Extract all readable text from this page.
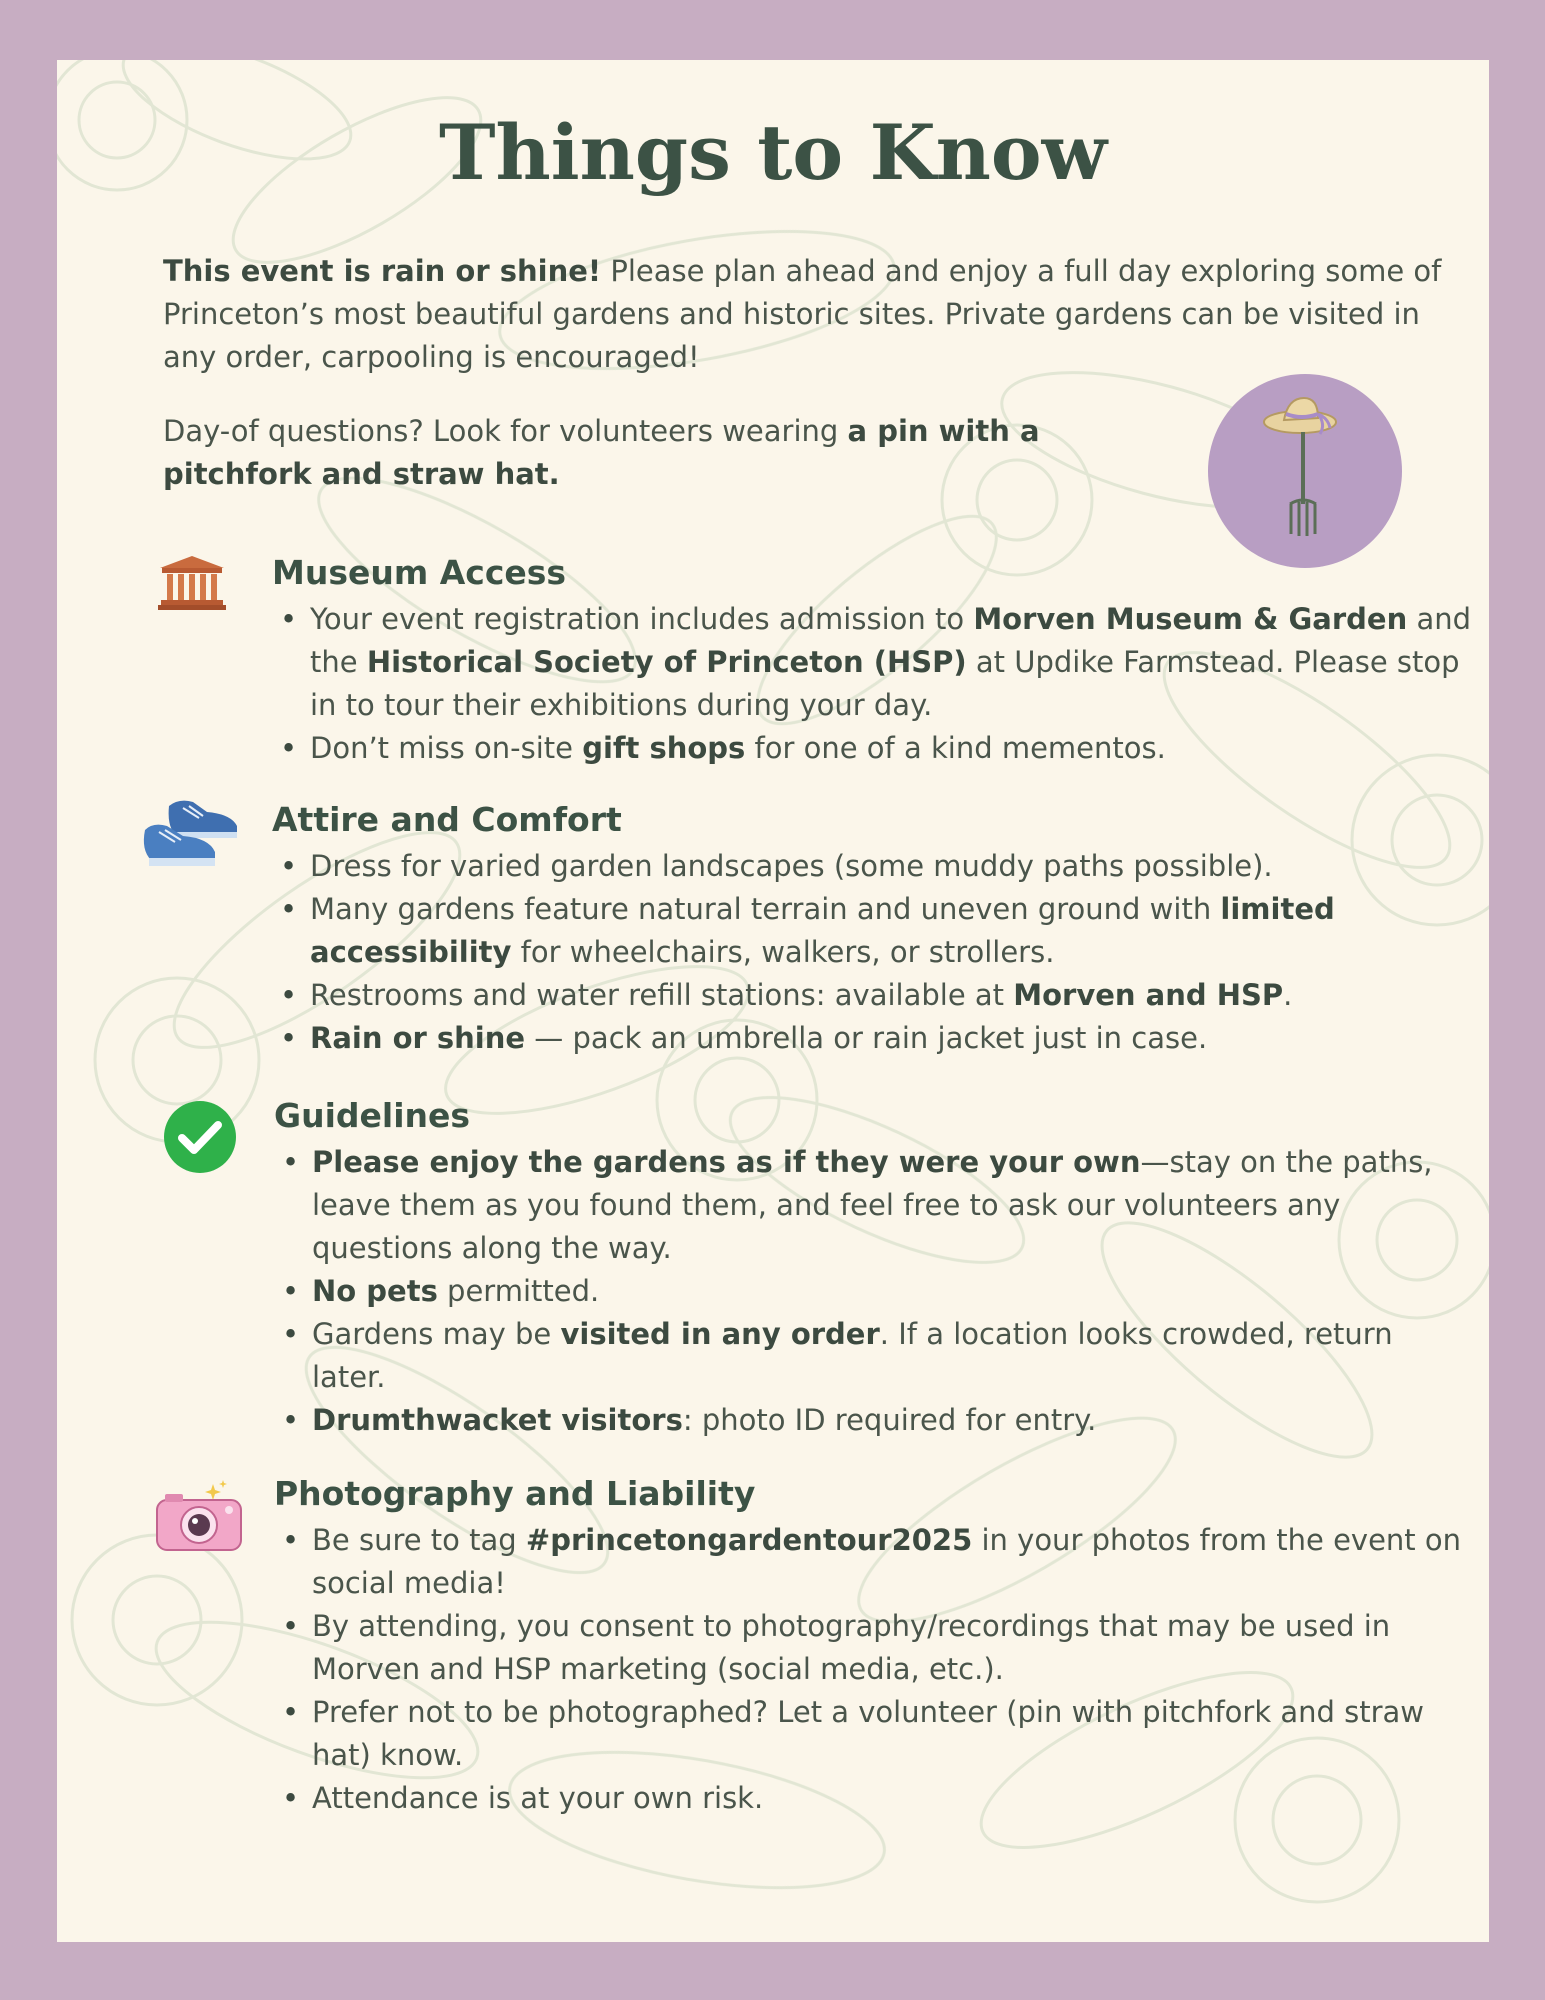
Things to Know

This event is rain or shine! Please plan ahead and enjoy a full day exploring some of Princeton’s most beautiful gardens and historic sites. Private gardens can be visited in any order, carpooling is encouraged!

Day-of questions? Look for volunteers wearing a pin with a pitchfork and straw hat.

Museum Access
• Your event registration includes admission to Morven Museum & Garden and the Historical Society of Princeton (HSP) at Updike Farmstead. Please stop in to tour their exhibitions during your day.
• Don’t miss on-site gift shops for one of a kind mementos.
Attire and Comfort
• Dress for varied garden landscapes (some muddy paths possible).
• Many gardens feature natural terrain and uneven ground with limited accessibility for wheelchairs, walkers, or strollers.
• Restrooms and water refill stations: available at Morven and HSP.
• Rain or shine — pack an umbrella or rain jacket just in case.
Guidelines
• Please enjoy the gardens as if they were your own—stay on the paths, leave them as you found them, and feel free to ask our volunteers any questions along the way.
• No pets permitted.
• Gardens may be visited in any order. If a location looks crowded, return later.
• Drumthwacket visitors: photo ID required for entry.
Photography and Liability
• Be sure to tag #princetongardentour2025 in your photos from the event on social media!
• By attending, you consent to photography/recordings that may be used in Morven and HSP marketing (social media, etc.).
• Prefer not to be photographed? Let a volunteer (pin with pitchfork and straw hat) know.
• Attendance is at your own risk.
